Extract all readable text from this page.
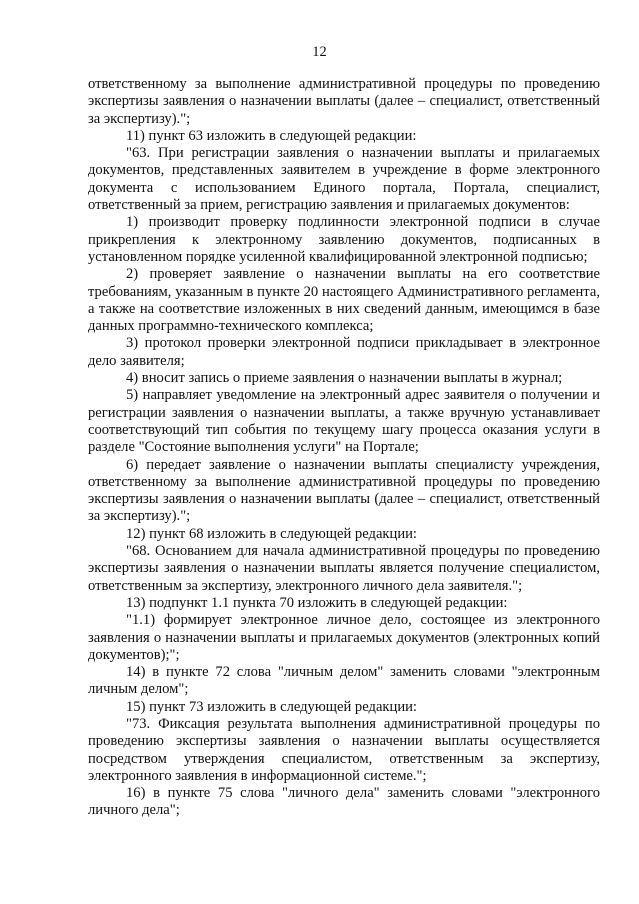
12

ответственному за выполнение административной процедуры по проведению экспертизы заявления о назначении выплаты (далее – специалист, ответственный за экспертизу).";

11) пункт 63 изложить в следующей редакции:

"63. При регистрации заявления о назначении выплаты и прилагаемых документов, представленных заявителем в учреждение в форме электронного документа с использованием Единого портала, Портала, специалист, ответственный за прием, регистрацию заявления и прилагаемых документов:

1) производит проверку подлинности электронной подписи в случае прикрепления к электронному заявлению документов, подписанных в установленном порядке усиленной квалифицированной электронной подписью;

2) проверяет заявление о назначении выплаты на его соответствие требованиям, указанным в пункте 20 настоящего Административного регламента, а также на соответствие изложенных в них сведений данным, имеющимся в базе данных программно-технического комплекса;

3) протокол проверки электронной подписи прикладывает в электронное дело заявителя;

4) вносит запись о приеме заявления о назначении выплаты в журнал;

5) направляет уведомление на электронный адрес заявителя о получении и регистрации заявления о назначении выплаты, а также вручную устанавливает соответствующий тип события по текущему шагу процесса оказания услуги в разделе "Состояние выполнения услуги" на Портале;

6) передает заявление о назначении выплаты специалисту учреждения, ответственному за выполнение административной процедуры по проведению экспертизы заявления о назначении выплаты (далее – специалист, ответственный за экспертизу).";

12) пункт 68 изложить в следующей редакции:

"68. Основанием для начала административной процедуры по проведению экспертизы заявления о назначении выплаты является получение специалистом, ответственным за экспертизу, электронного личного дела заявителя.";

13) подпункт 1.1 пункта 70 изложить в следующей редакции:

"1.1) формирует электронное личное дело, состоящее из электронного заявления о назначении выплаты и прилагаемых документов (электронных копий документов);";

14) в пункте 72 слова "личным делом" заменить словами "электронным личным делом";

15) пункт 73 изложить в следующей редакции:

"73. Фиксация результата выполнения административной процедуры по проведению экспертизы заявления о назначении выплаты осуществляется посредством утверждения специалистом, ответственным за экспертизу, электронного заявления в информационной системе.";

16) в пункте 75 слова "личного дела" заменить словами "электронного личного дела";
